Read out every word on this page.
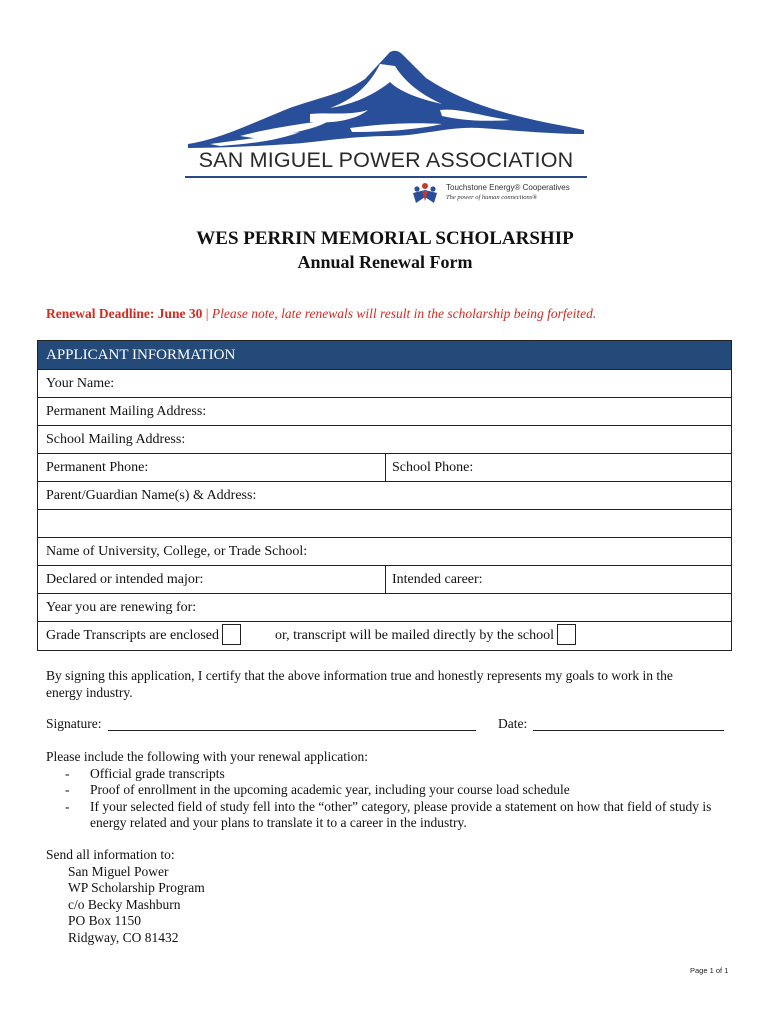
SAN MIGUEL POWER ASSOCIATION
Touchstone Energy® Cooperatives
The power of human connections®
WES PERRIN MEMORIAL SCHOLARSHIP
Annual Renewal Form
Renewal Deadline: June 30 | Please note, late renewals will result in the scholarship being forfeited.
APPLICANT INFORMATION
Your Name:
Permanent Mailing Address:
School Mailing Address:
Permanent Phone:	School Phone:
Parent/Guardian Name(s) & Address:
Name of University, College, or Trade School:
Declared or intended major:	Intended career:
Year you are renewing for:
Grade Transcripts are enclosed	or, transcript will be mailed directly by the school
By signing this application, I certify that the above information true and honestly represents my goals to work in the energy industry.
Signature:	Date:
Please include the following with your renewal application:
- Official grade transcripts
- Proof of enrollment in the upcoming academic year, including your course load schedule
- If your selected field of study fell into the “other” category, please provide a statement on how that field of study is energy related and your plans to translate it to a career in the industry.
Send all information to:
San Miguel Power
WP Scholarship Program
c/o Becky Mashburn
PO Box 1150
Ridgway, CO 81432
Page 1 of 1
